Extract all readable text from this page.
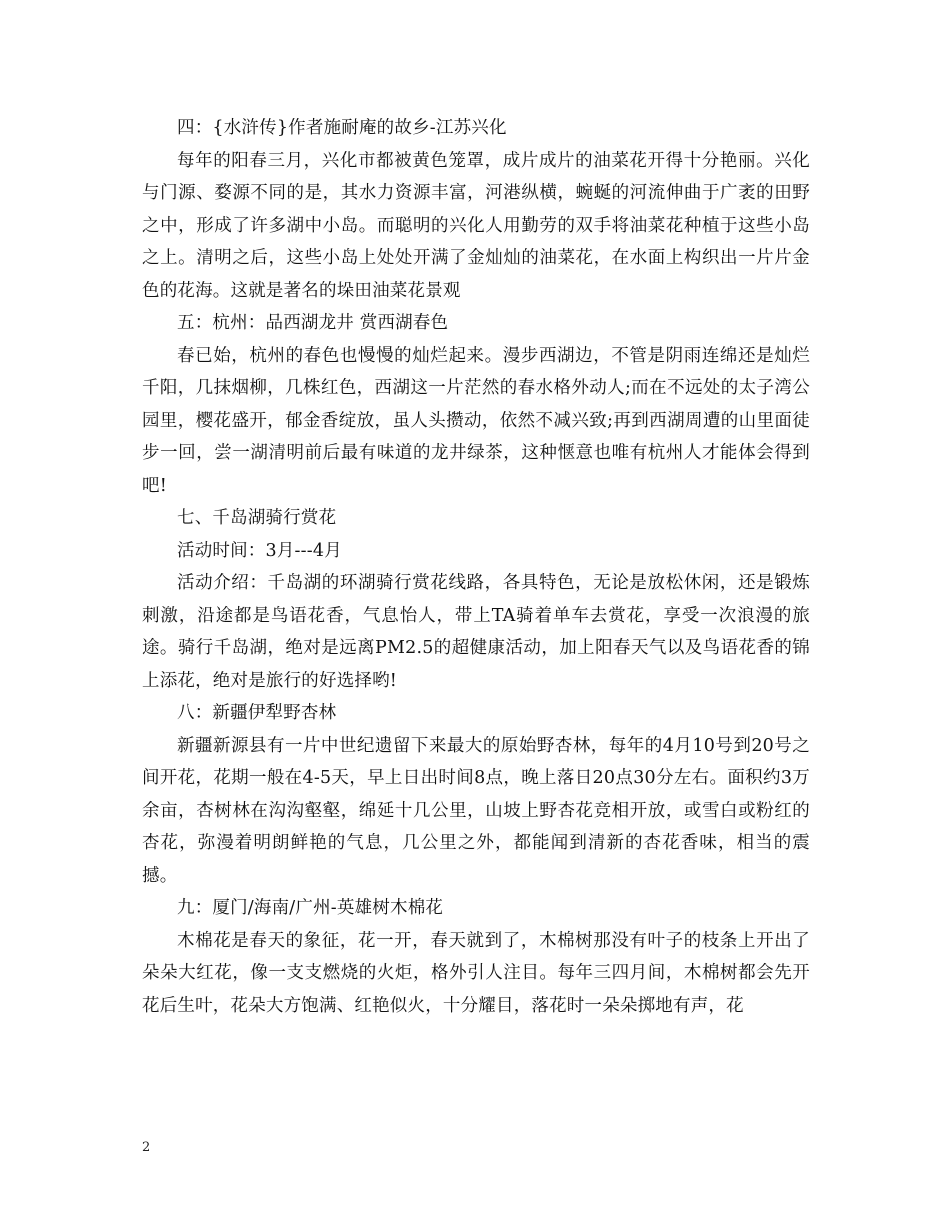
四：{水浒传}作者施耐庵的故乡-江苏兴化

每年的阳春三月，兴化市都被黄色笼罩，成片成片的油菜花开得十分艳丽。兴化与门源、婺源不同的是，其水力资源丰富，河港纵横，蜿蜒的河流伸曲于广袤的田野之中，形成了许多湖中小岛。而聪明的兴化人用勤劳的双手将油菜花种植于这些小岛之上。清明之后，这些小岛上处处开满了金灿灿的油菜花，在水面上构织出一片片金色的花海。这就是著名的垛田油菜花景观

五：杭州：品西湖龙井 赏西湖春色

春已始，杭州的春色也慢慢的灿烂起来。漫步西湖边，不管是阴雨连绵还是灿烂千阳，几抹烟柳，几株红色，西湖这一片茫然的春水格外动人;而在不远处的太子湾公园里，樱花盛开，郁金香绽放，虽人头攒动，依然不减兴致;再到西湖周遭的山里面徒步一回，尝一湖清明前后最有味道的龙井绿茶，这种惬意也唯有杭州人才能体会得到吧!

七、千岛湖骑行赏花

活动时间：3月---4月

活动介绍：千岛湖的环湖骑行赏花线路，各具特色，无论是放松休闲，还是锻炼刺激，沿途都是鸟语花香，气息怡人，带上TA骑着单车去赏花，享受一次浪漫的旅途。骑行千岛湖，绝对是远离PM2.5的超健康活动，加上阳春天气以及鸟语花香的锦上添花，绝对是旅行的好选择哟!

八：新疆伊犁野杏林

新疆新源县有一片中世纪遗留下来最大的原始野杏林，每年的4月10号到20号之间开花，花期一般在4-5天，早上日出时间8点，晚上落日20点30分左右。面积约3万余亩，杏树林在沟沟壑壑，绵延十几公里，山坡上野杏花竞相开放，或雪白或粉红的杏花，弥漫着明朗鲜艳的气息，几公里之外，都能闻到清新的杏花香味，相当的震撼。

九：厦门/海南/广州-英雄树木棉花

木棉花是春天的象征，花一开，春天就到了，木棉树那没有叶子的枝条上开出了朵朵大红花，像一支支燃烧的火炬，格外引人注目。每年三四月间，木棉树都会先开花后生叶，花朵大方饱满、红艳似火，十分耀目，落花时一朵朵掷地有声，花

2
